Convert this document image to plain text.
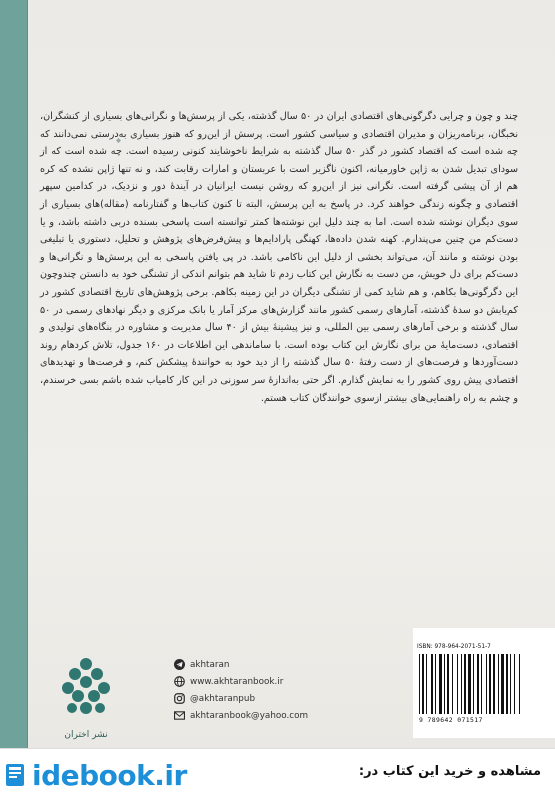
چند و چون و چرایی دگرگونی‌های اقتصادی ایران در ۵۰ سال گذشته، یکی از پرسش‌ها و نگرانی‌های بسیاری از کنشگران، نخبگان، برنامه‌ریزان و مدیران اقتصادی و سیاسی کشور است. پرسش از این‌رو که هنوز بسیاری به‌درستی نمی‌دانند که چه شده است که اقتصاد کشور در گذر ۵۰ سال گذشته به شرایط ناخوشایند کنونی رسیده است. چه شده است که از سودای تبدیل شدن به ژاپن خاورمیانه، اکنون ناگزیر است با عربستان و امارات رقابت کند، و نه تنها ژاپن نشده که کره هم از آن پیشی گرفته است. نگرانی نیز از این‌رو که روشن نیست ایرانیان در آیندهٔ دور و نزدیک، در کدامین سپهر اقتصادی و چگونه زندگی خواهند کرد. در پاسخ به این پرسش، البته تا کنون کتاب‌ها و گفتارنامه (مقاله)‌های بسیاری از سوی دیگران نوشته شده است. اما به چند دلیل این نوشته‌ها کمتر توانسته است پاسخی بسنده دربی داشته باشد، و یا دست‌کم من چنین می‌پندارم. کهنه شدن داده‌ها، کهنگی پارادایم‌ها و پیش‌فرض‌های پژوهش و تحلیل، دستوری یا تبلیغی بودن نوشته و مانند آن، می‌تواند بخشی از دلیل این ناکامی باشد. در پی یافتن پاسخی به این پرسش‌ها و نگرانی‌ها و دست‌کم برای دل خویش، من دست به نگارش این کتاب زدم تا شاید هم بتوانم اندکی از تشنگی خود به دانستن چندوچون این دگرگونی‌ها بکاهم، و هم شاید کمی از تشنگی دیگران در این زمینه بکاهم. برخی پژوهش‌های تاریخ اقتصادی کشور در کم‌یابش دو سدهٔ گذشته، آمارهای رسمی کشور مانند گزارش‌های مرکز آمار یا بانک مرکزی و دیگر نهادهای رسمی در ۵۰ سال گذشته و برخی آمارهای رسمی بین المللی، و نیز پیشینهٔ بیش از ۴۰ سال مدیریت و مشاوره در بنگاه‌های تولیدی و اقتصادی، دست‌مایهٔ من برای نگارش این کتاب بوده است. با ساماندهی این اطلاعات در ۱۶۰ جدول، تلاش کردهام روند دست‌آوردها و فرصت‌های از دست رفتهٔ ۵۰ سال گذشته را از دید خود به خوانندهٔ پیشکش کنم، و فرصت‌ها و تهدیدهای اقتصادی پیش روی کشور را به نمایش گذارم. اگر حتی به‌اندازهٔ سر سوزنی در این کار کامیاب شده باشم بسی خرسندم، و چشم به راه راهنمایی‌های بیشتر ازسوی خوانندگان کتاب هستم.

نشر اختران
akhtaran
www.akhtaranbook.ir
@akhtaranpub
akhtaranbook@yahoo.com
ISBN: 978-964-2071-51-7
9 789642 071517
idebook.ir	مشاهده و خرید این کتاب در:
